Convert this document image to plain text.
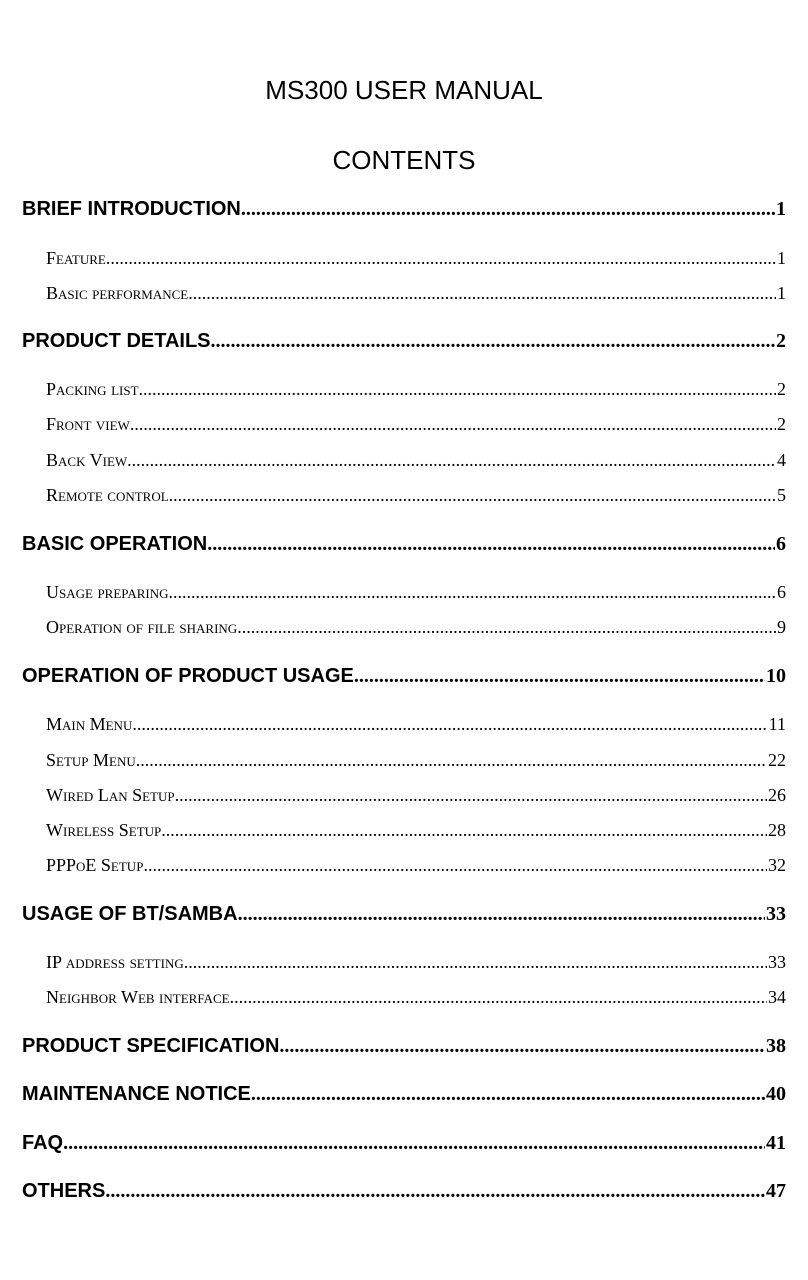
MS300 USER MANUAL
CONTENTS
BRIEF INTRODUCTION .....	1
Feature .....	1
Basic performance .....	1
PRODUCT DETAILS .....	2
Packing list .....	2
Front view .....	2
Back View .....	4
Remote control .....	5
BASIC OPERATION .....	6
Usage preparing .....	6
Operation of file sharing .....	9
OPERATION OF PRODUCT USAGE .....	10
Main Menu .....	11
Setup Menu .....	22
Wired Lan Setup .....	26
Wireless Setup .....	28
PPPoE Setup .....	32
USAGE OF BT/SAMBA .....	33
IP address setting .....	33
Neighbor Web interface .....	34
PRODUCT SPECIFICATION .....	38
MAINTENANCE NOTICE .....	40
FAQ .....	41
OTHERS .....	47
